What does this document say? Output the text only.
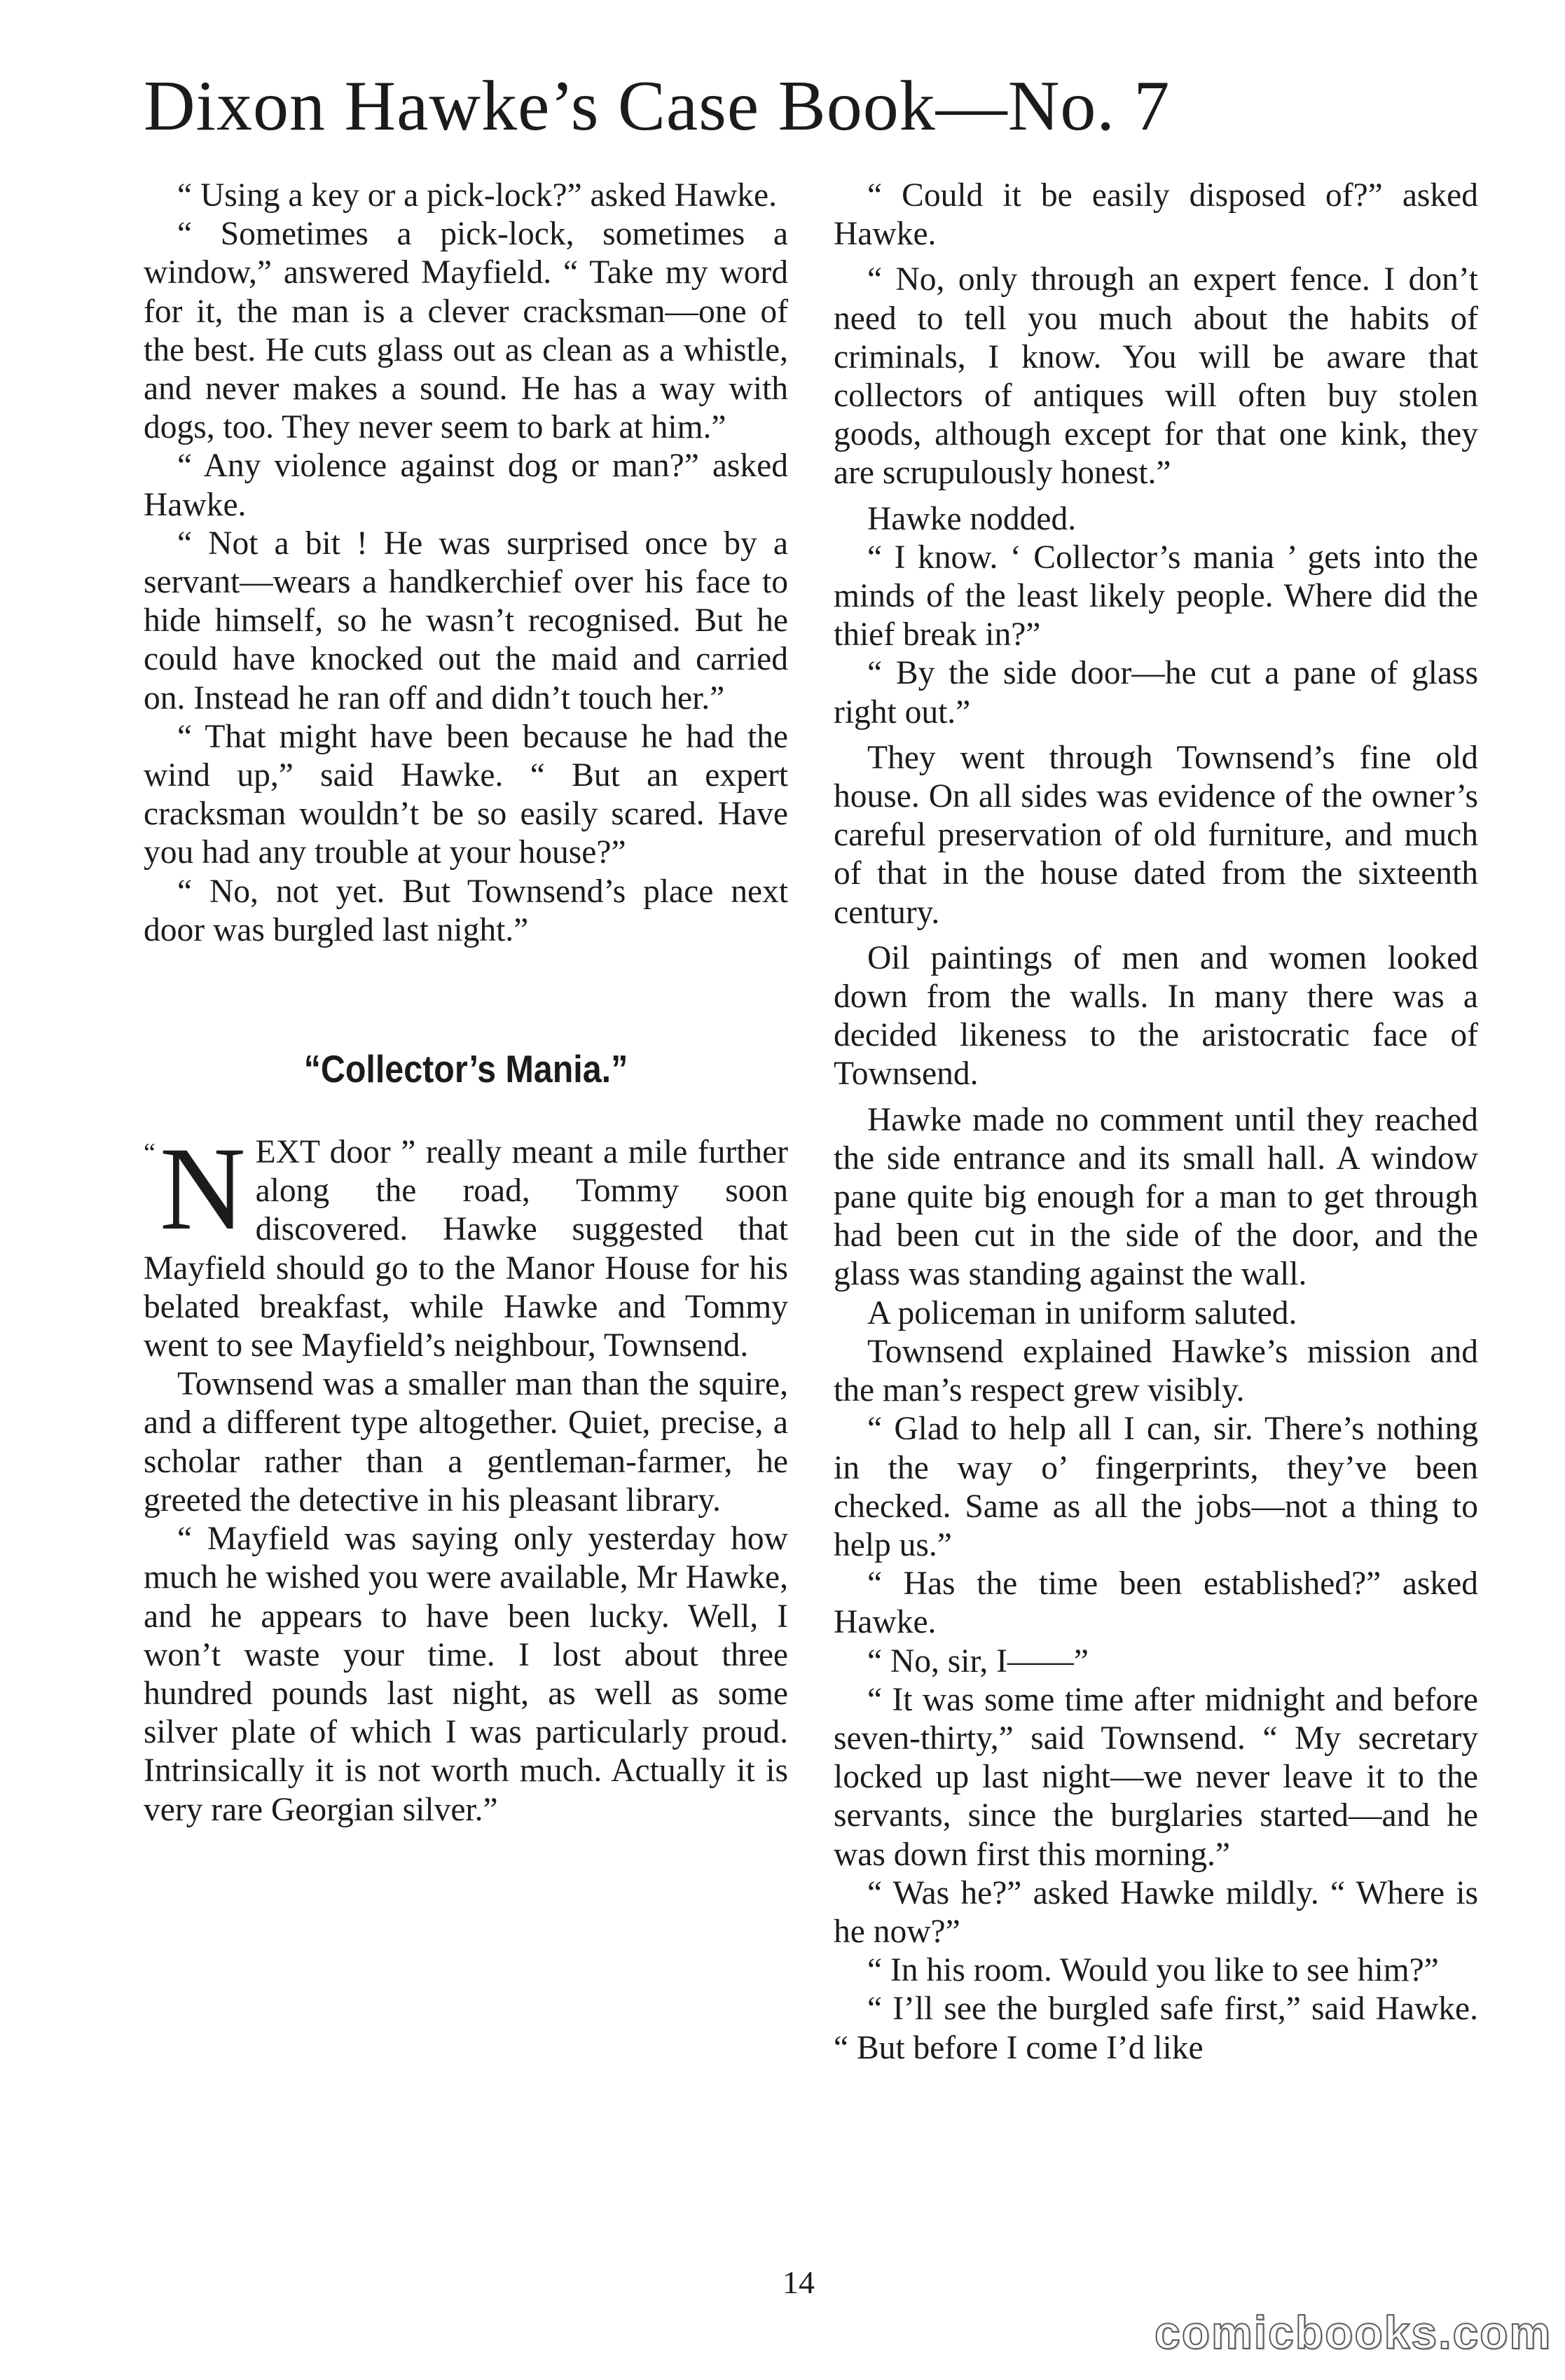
Dixon Hawke’s Case Book—No. 7

“ Using a key or a pick-lock?” asked Hawke.

“ Sometimes a pick-lock, sometimes a window,” answered Mayfield. “ Take my word for it, the man is a clever cracksman—one of the best. He cuts glass out as clean as a whistle, and never makes a sound. He has a way with dogs, too. They never seem to bark at him.”

“ Any violence against dog or man?” asked Hawke.

“ Not a bit ! He was surprised once by a servant—wears a handkerchief over his face to hide himself, so he wasn’t recognised. But he could have knocked out the maid and carried on. Instead he ran off and didn’t touch her.”

“ That might have been because he had the wind up,” said Hawke. “ But an expert cracksman wouldn’t be so easily scared. Have you had any trouble at your house?”

“ No, not yet. But Townsend’s place next door was burgled last night.”

“Collector’s Mania.”

“ N EXT door ” really meant a mile further along the road, Tommy soon discovered. Hawke suggested that Mayfield should go to the Manor House for his belated breakfast, while Hawke and Tommy went to see Mayfield’s neighbour, Townsend.

Townsend was a smaller man than the squire, and a different type altogether. Quiet, precise, a scholar rather than a gentleman-farmer, he greeted the detective in his pleasant library.

“ Mayfield was saying only yesterday how much he wished you were available, Mr Hawke, and he appears to have been lucky. Well, I won’t waste your time. I lost about three hundred pounds last night, as well as some silver plate of which I was particularly proud. Intrinsically it is not worth much. Actually it is very rare Georgian silver.”

“ Could it be easily disposed of?” asked Hawke.

“ No, only through an expert fence. I don’t need to tell you much about the habits of criminals, I know. You will be aware that collectors of antiques will often buy stolen goods, although except for that one kink, they are scrupulously honest.”

Hawke nodded.

“ I know. ‘ Collector’s mania ’ gets into the minds of the least likely people. Where did the thief break in?”

“ By the side door—he cut a pane of glass right out.”

They went through Townsend’s fine old house. On all sides was evidence of the owner’s careful preservation of old furniture, and much of that in the house dated from the sixteenth century.

Oil paintings of men and women looked down from the walls. In many there was a decided likeness to the aristocratic face of Townsend.

Hawke made no comment until they reached the side entrance and its small hall. A window pane quite big enough for a man to get through had been cut in the side of the door, and the glass was standing against the wall.

A policeman in uniform saluted.

Townsend explained Hawke’s mission and the man’s respect grew visibly.

“ Glad to help all I can, sir. There’s nothing in the way o’ fingerprints, they’ve been checked. Same as all the jobs—not a thing to help us.”

“ Has the time been established?” asked Hawke.

“ No, sir, I——”

“ It was some time after midnight and before seven-thirty,” said Townsend. “ My secretary locked up last night—we never leave it to the servants, since the burglaries started—and he was down first this morning.”

“ Was he?” asked Hawke mildly. “ Where is he now?”

“ In his room. Would you like to see him?”

“ I’ll see the burgled safe first,” said Hawke. “ But before I come I’d like

14
comicbooks.com
